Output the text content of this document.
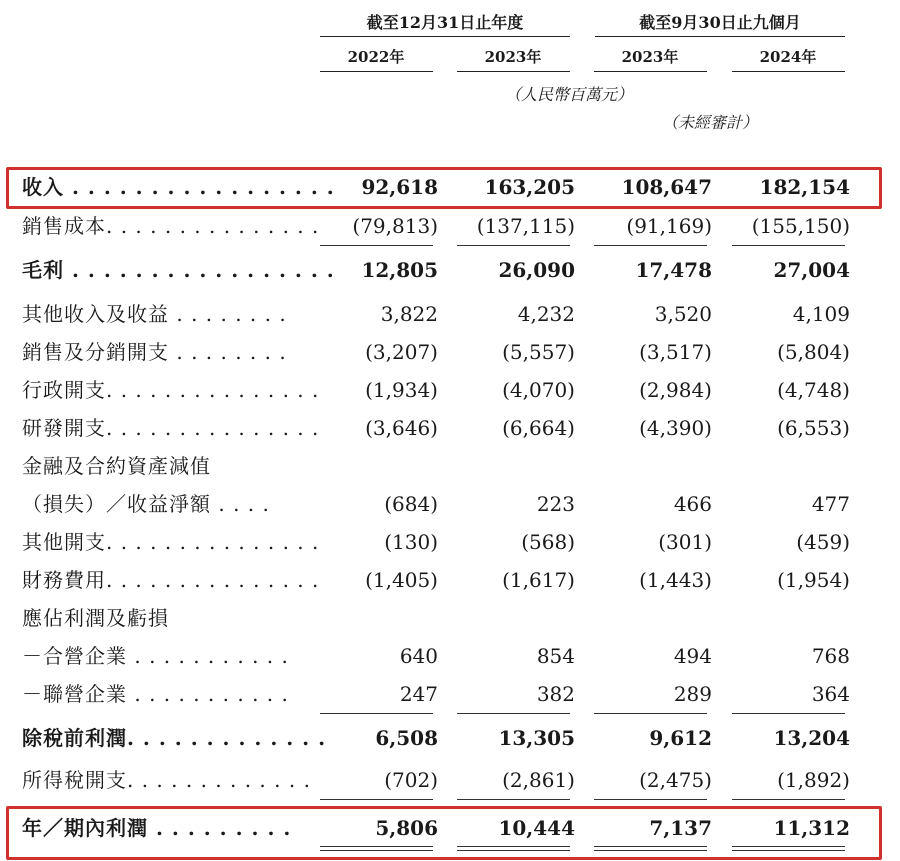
截至12月31日止年度	截至9月30日止九個月
2022年	2023年	2023年	2024年
（人民幣百萬元）
（未經審計）
收入 . . . . . . . . . . . . . . . . .	92,618	163,205	108,647	182,154
銷售成本. . . . . . . . . . . . . . .	(79,813)	(137,115)	(91,169)	(155,150)
毛利 . . . . . . . . . . . . . . . . .	12,805	26,090	17,478	27,004
其他收入及收益 . . . . . . . .	3,822	4,232	3,520	4,109
銷售及分銷開支 . . . . . . . .	(3,207)	(5,557)	(3,517)	(5,804)
行政開支. . . . . . . . . . . . . . .	(1,934)	(4,070)	(2,984)	(4,748)
研發開支. . . . . . . . . . . . . . .	(3,646)	(6,664)	(4,390)	(6,553)
金融及合約資產減值
（損失）／收益淨額 . . . .	(684)	223	466	477
其他開支. . . . . . . . . . . . . . .	(130)	(568)	(301)	(459)
財務費用. . . . . . . . . . . . . . .	(1,405)	(1,617)	(1,443)	(1,954)
應佔利潤及虧損
－合營企業 . . . . . . . . . . .	640	854	494	768
－聯營企業 . . . . . . . . . . .	247	382	289	364
除稅前利潤. . . . . . . . . . . . .	6,508	13,305	9,612	13,204
所得稅開支. . . . . . . . . . . . .	(702)	(2,861)	(2,475)	(1,892)
年／期內利潤 . . . . . . . . .	5,806	10,444	7,137	11,312
